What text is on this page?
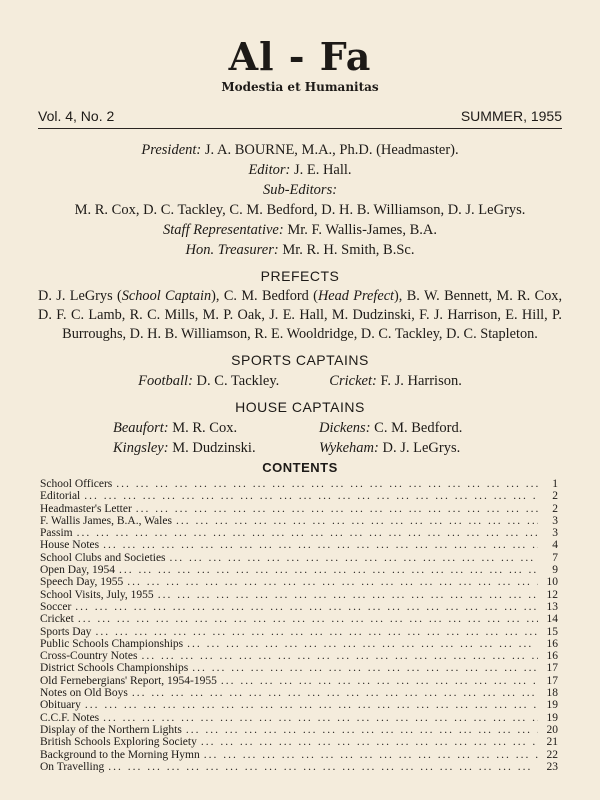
Al - Fa
Modestia et Humanitas
Vol. 4, No. 2	SUMMER, 1955
President: J. A. BOURNE, M.A., Ph.D. (Headmaster).
Editor: J. E. Hall.
Sub-Editors:
M. R. Cox, D. C. Tackley, C. M. Bedford, D. H. B. Williamson, D. J. LeGrys.
Staff Representative: Mr. F. Wallis-James, B.A.
Hon. Treasurer: Mr. R. H. Smith, B.Sc.
PREFECTS
D. J. LeGrys (School Captain), C. M. Bedford (Head Prefect), B. W. Bennett, M. R. Cox, D. F. C. Lamb, R. C. Mills, M. P. Oak, J. E. Hall, M. Dudzinski, F. J. Harrison, E. Hill, P. Burroughs, D. H. B. Williamson, R. E. Wooldridge, D. C. Tackley, D. C. Stapleton.
SPORTS CAPTAINS
Football: D. C. Tackley.	Cricket: F. J. Harrison.
HOUSE CAPTAINS
Beaufort: M. R. Cox.	Dickens: C. M. Bedford.
Kingsley: M. Dudzinski.	Wykeham: D. J. LeGrys.
CONTENTS
School Officers ... .	1
Editorial ... .	2
Headmaster's Letter ... .	2
F. Wallis James, B.A., Wales ... .	3
Passim ... .	3
House Notes ... .	4
School Clubs and Societies ... .	7
Open Day, 1954 ... .	9
Speech Day, 1955 ... .	10
School Visits, July, 1955 ... .	12
Soccer ... .	13
Cricket ... .	14
Sports Day ... .	15
Public Schools Championships ... .	16
Cross-Country Notes ... .	16
District Schools Championships ... .	17
Old Fernebergians' Report, 1954-1955 ... .	17
Notes on Old Boys ... .	18
Obituary ... .	19
C.C.F. Notes ... .	19
Display of the Northern Lights ... .	20
British Schools Exploring Society ... .	21
Background to the Morning Hymn ... .	22
On Travelling ... .	23
